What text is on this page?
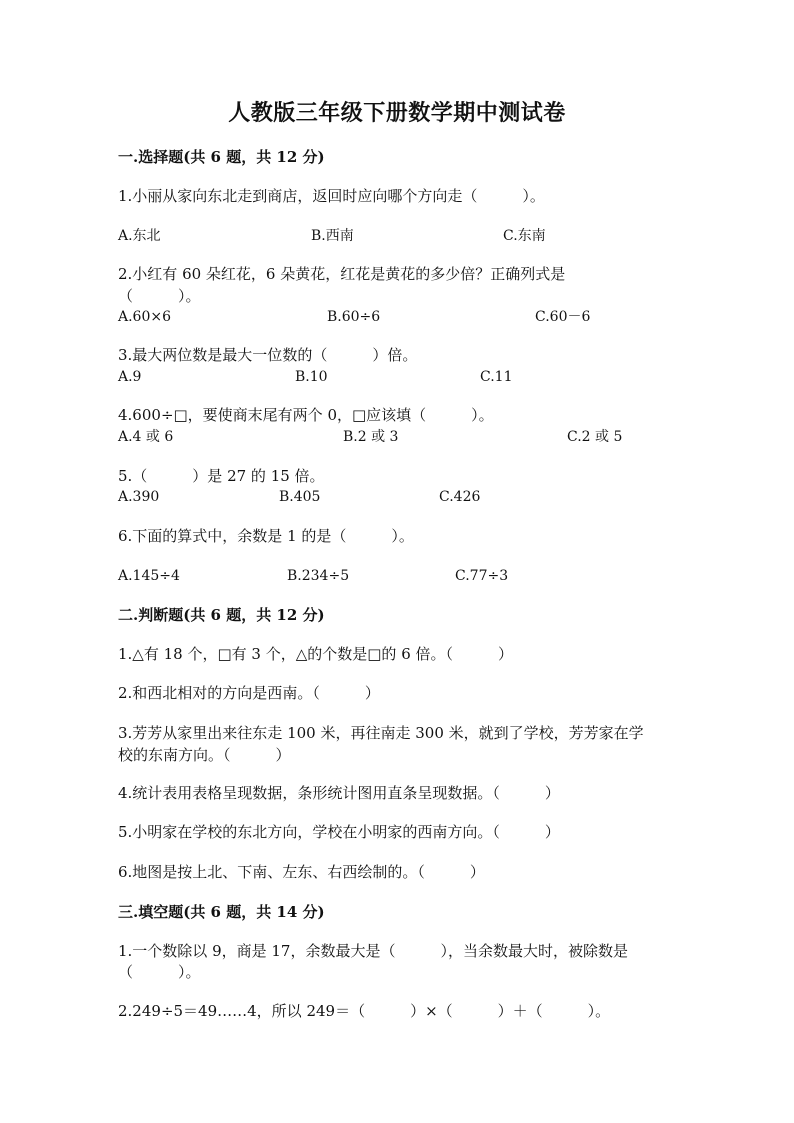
人教版三年级下册数学期中测试卷
一.选择题(共 6 题，共 12 分)
1.小丽从家向东北走到商店，返回时应向哪个方向走（　　　）。
A.东北	B.西南	C.东南
2.小红有 60 朵红花，6 朵黄花，红花是黄花的多少倍？正确列式是
（　　　）。
A.60×6	B.60÷6	C.60－6
3.最大两位数是最大一位数的（　　　）倍。
A.9	B.10	C.11
4.600÷□，要使商末尾有两个 0，□应该填（　　　）。
A.4 或 6	B.2 或 3	C.2 或 5
5.（　　　）是 27 的 15 倍。
A.390	B.405	C.426
6.下面的算式中，余数是 1 的是（　　　）。
A.145÷4	B.234÷5	C.77÷3
二.判断题(共 6 题，共 12 分)
1.△有 18 个，□有 3 个，△的个数是□的 6 倍。（　　　）
2.和西北相对的方向是西南。（　　　）
3.芳芳从家里出来往东走 100 米，再往南走 300 米，就到了学校，芳芳家在学
校的东南方向。（　　　）
4.统计表用表格呈现数据，条形统计图用直条呈现数据。（　　　）
5.小明家在学校的东北方向，学校在小明家的西南方向。（　　　）
6.地图是按上北、下南、左东、右西绘制的。（　　　）
三.填空题(共 6 题，共 14 分)
1.一个数除以 9，商是 17，余数最大是（　　　），当余数最大时，被除数是
（　　　）。
2.249÷5＝49……4，所以 249＝（　　　）×（　　　）＋（　　　）。
